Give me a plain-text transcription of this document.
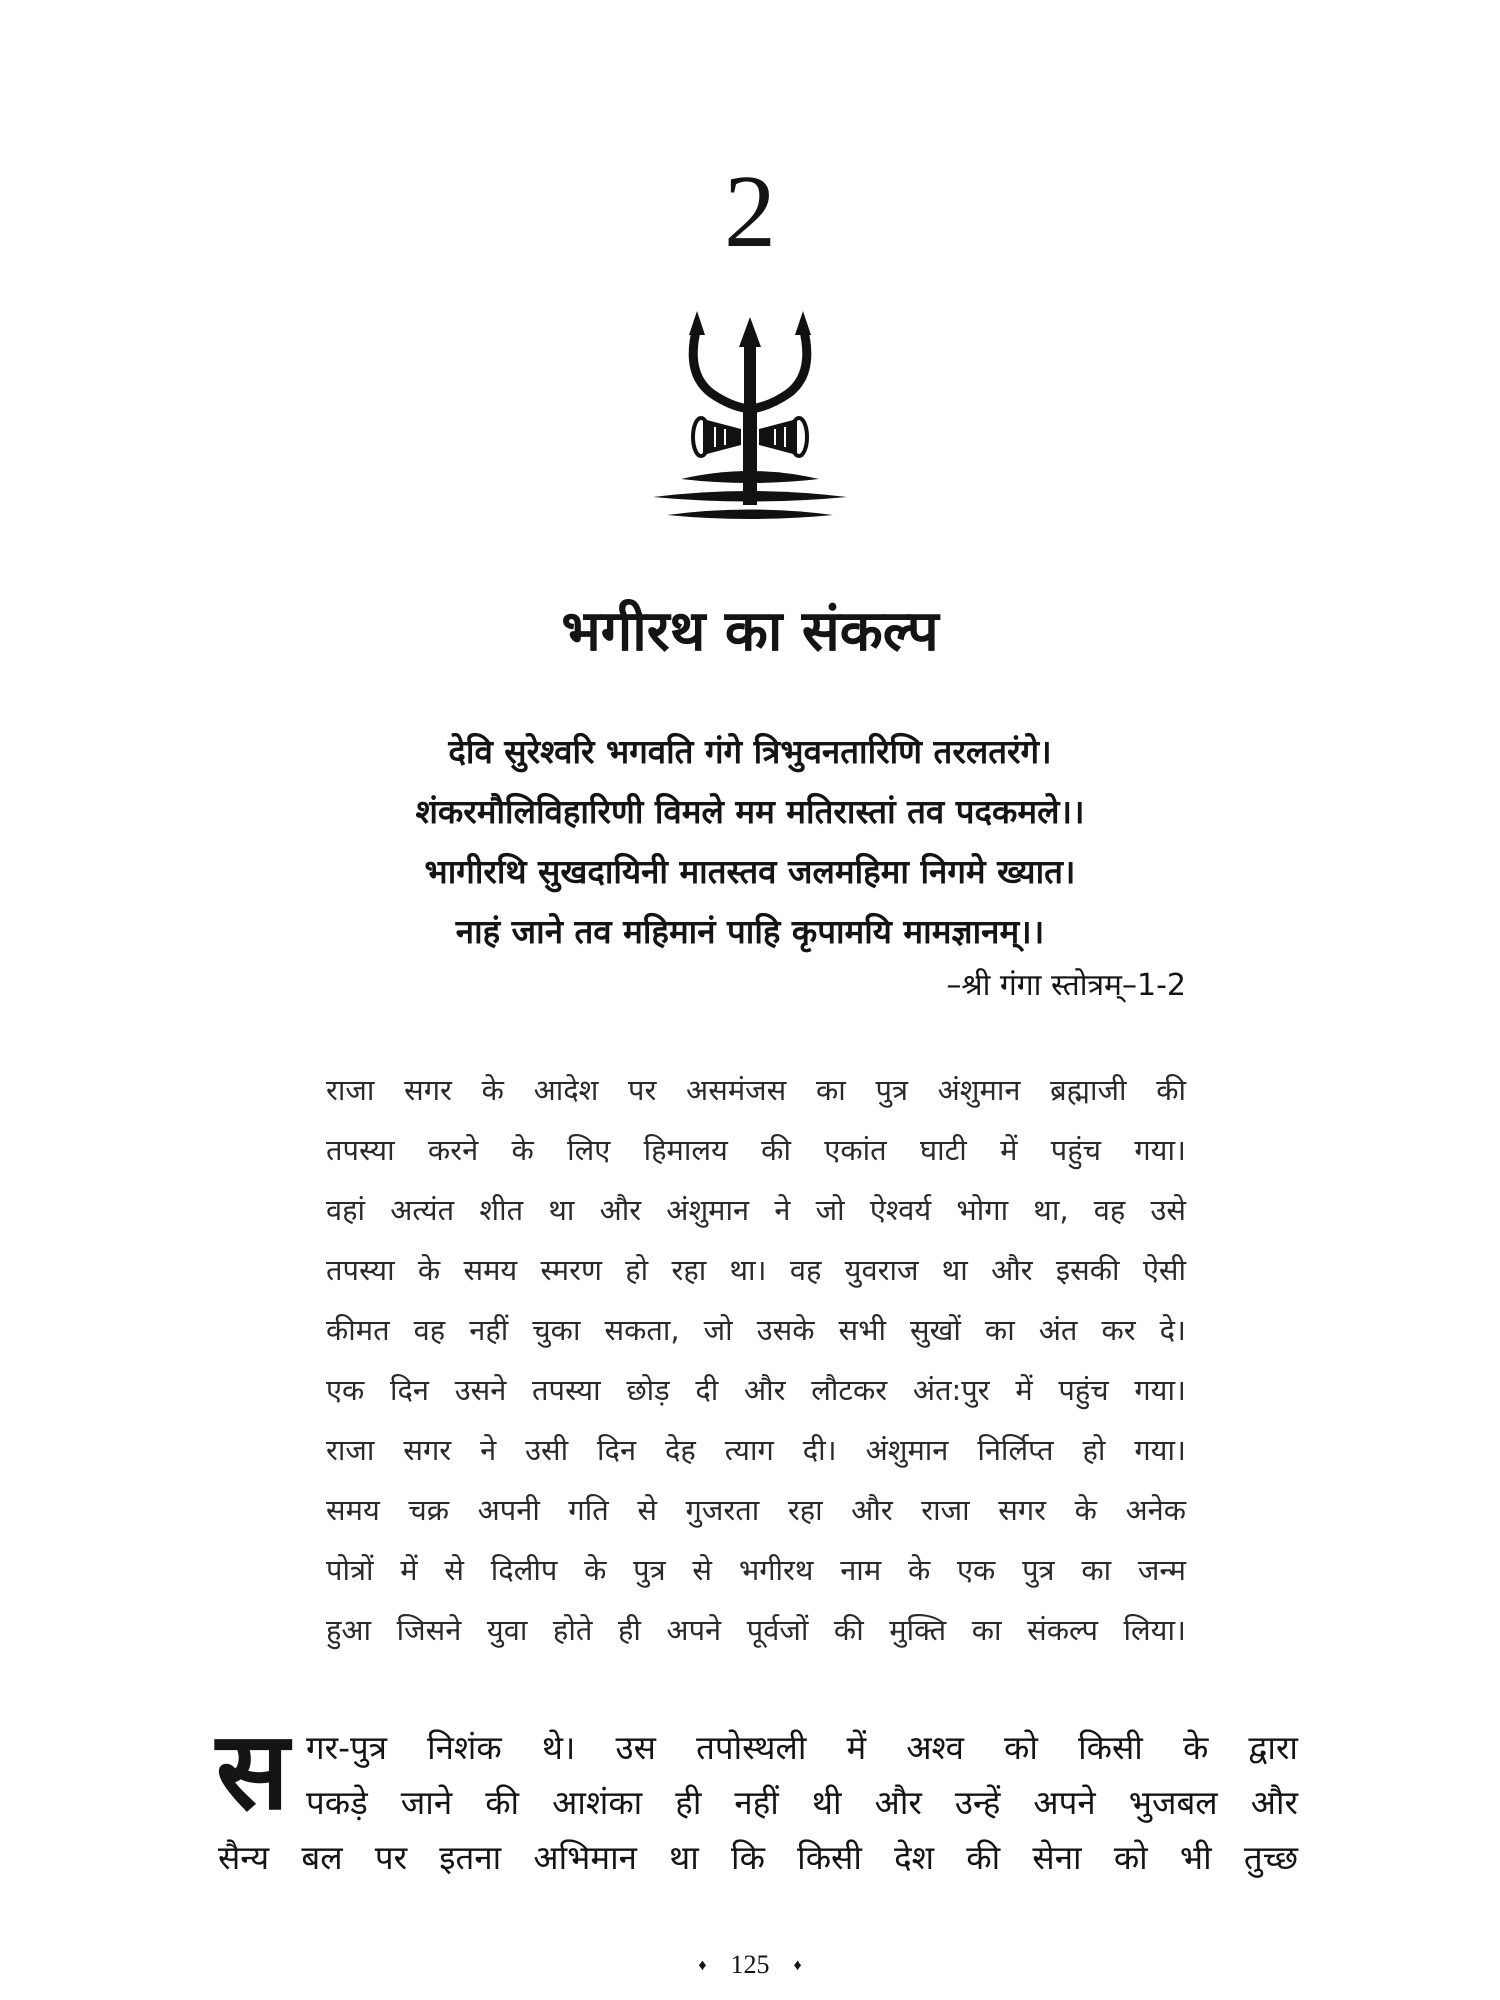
2
भगीरथ का संकल्प
देवि सुरेश्वरि भगवति गंगे त्रिभुवनतारिणि तरलतरंगे।
शंकरमौलिविहारिणी विमले मम मतिरास्तां तव पदकमले।।
भागीरथि सुखदायिनी मातस्तव जलमहिमा निगमे ख्यात।
नाहं जाने तव महिमानं पाहि कृपामयि मामज्ञानम्।।
–श्री गंगा स्तोत्रम्–1-2
राजा सगर के आदेश पर असमंजस का पुत्र अंशुमान ब्रह्माजी की
तपस्या करने के लिए हिमालय की एकांत घाटी में पहुंच गया।
वहां अत्यंत शीत था और अंशुमान ने जो ऐश्वर्य भोगा था, वह उसे
तपस्या के समय स्मरण हो रहा था। वह युवराज था और इसकी ऐसी
कीमत वह नहीं चुका सकता, जो उसके सभी सुखों का अंत कर दे।
एक दिन उसने तपस्या छोड़ दी और लौटकर अंत:पुर में पहुंच गया।
राजा सगर ने उसी दिन देह त्याग दी। अंशुमान निर्लिप्त हो गया।
समय चक्र अपनी गति से गुजरता रहा और राजा सगर के अनेक
पोत्रों में से दिलीप के पुत्र से भगीरथ नाम के एक पुत्र का जन्म
हुआ जिसने युवा होते ही अपने पूर्वजों की मुक्ति का संकल्प लिया।
स गर-पुत्र निशंक थे। उस तपोस्थली में अश्व को किसी के द्वारा
पकड़े जाने की आशंका ही नहीं थी और उन्हें अपने भुजबल और
सैन्य बल पर इतना अभिमान था कि किसी देश की सेना को भी तुच्छ
♦ 125 ♦
